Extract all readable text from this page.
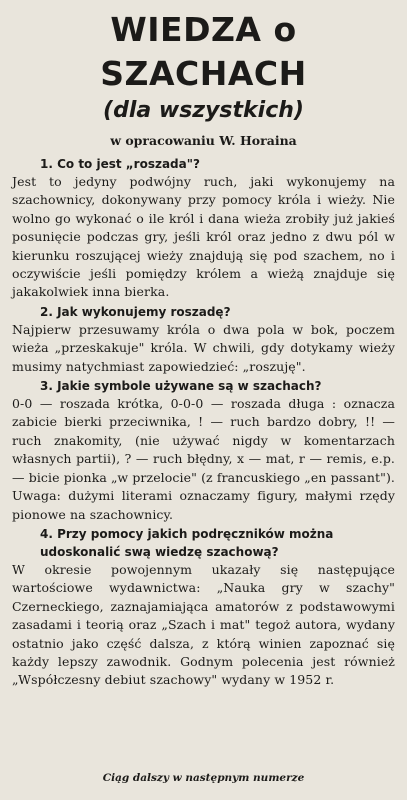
WIEDZA o SZACHACH
(dla wszystkich)
w opracowaniu W. Horaina
1. Co to jest „roszada"?

Jest to jedyny podwójny ruch, jaki wykonujemy na szachownicy, dokonywany przy pomocy króla i wieży. Nie wolno go wykonać o ile król i dana wieża zrobiły już jakieś posunięcie podczas gry, jeśli król oraz jedno z dwu pól w kierunku roszującej wieży znajdują się pod szachem, no i oczywiście jeśli pomiędzy królem a wieżą znajduje się jakakolwiek inna bierka.

2. Jak wykonujemy roszadę?

Najpierw przesuwamy króla o dwa pola w bok, poczem wieża „przeskakuje" króla. W chwili, gdy dotykamy wieży musimy natychmiast zapowiedzieć: „roszuję".

3. Jakie symbole używane są w szachach?

0-0 — roszada krótka, 0-0-0 — roszada długa : oznacza zabicie bierki przeciwnika, ! — ruch bardzo dobry, !! — ruch znakomity, (nie używać nigdy w komentarzach własnych partii), ? — ruch błędny, x — mat, r — remis, e.p. — bicie pionka „w przelocie" (z francuskiego „en passant"). Uwaga: dużymi literami oznaczamy figury, małymi rzędy pionowe na szachownicy.

4. Przy pomocy jakich podręczników można udoskonalić swą wiedzę szachową?

W okresie powojennym ukazały się następujące wartościowe wydawnictwa: „Nauka gry w szachy" Czerneckiego, zaznajamiająca amatorów z podstawowymi zasadami i teorią oraz „Szach i mat" tegoż autora, wydany ostatnio jako część dalsza, z którą winien zapoznać się każdy lepszy zawodnik. Godnym polecenia jest również „Współczesny debiut szachowy" wydany w 1952 r.

Ciąg dalszy w następnym numerze
